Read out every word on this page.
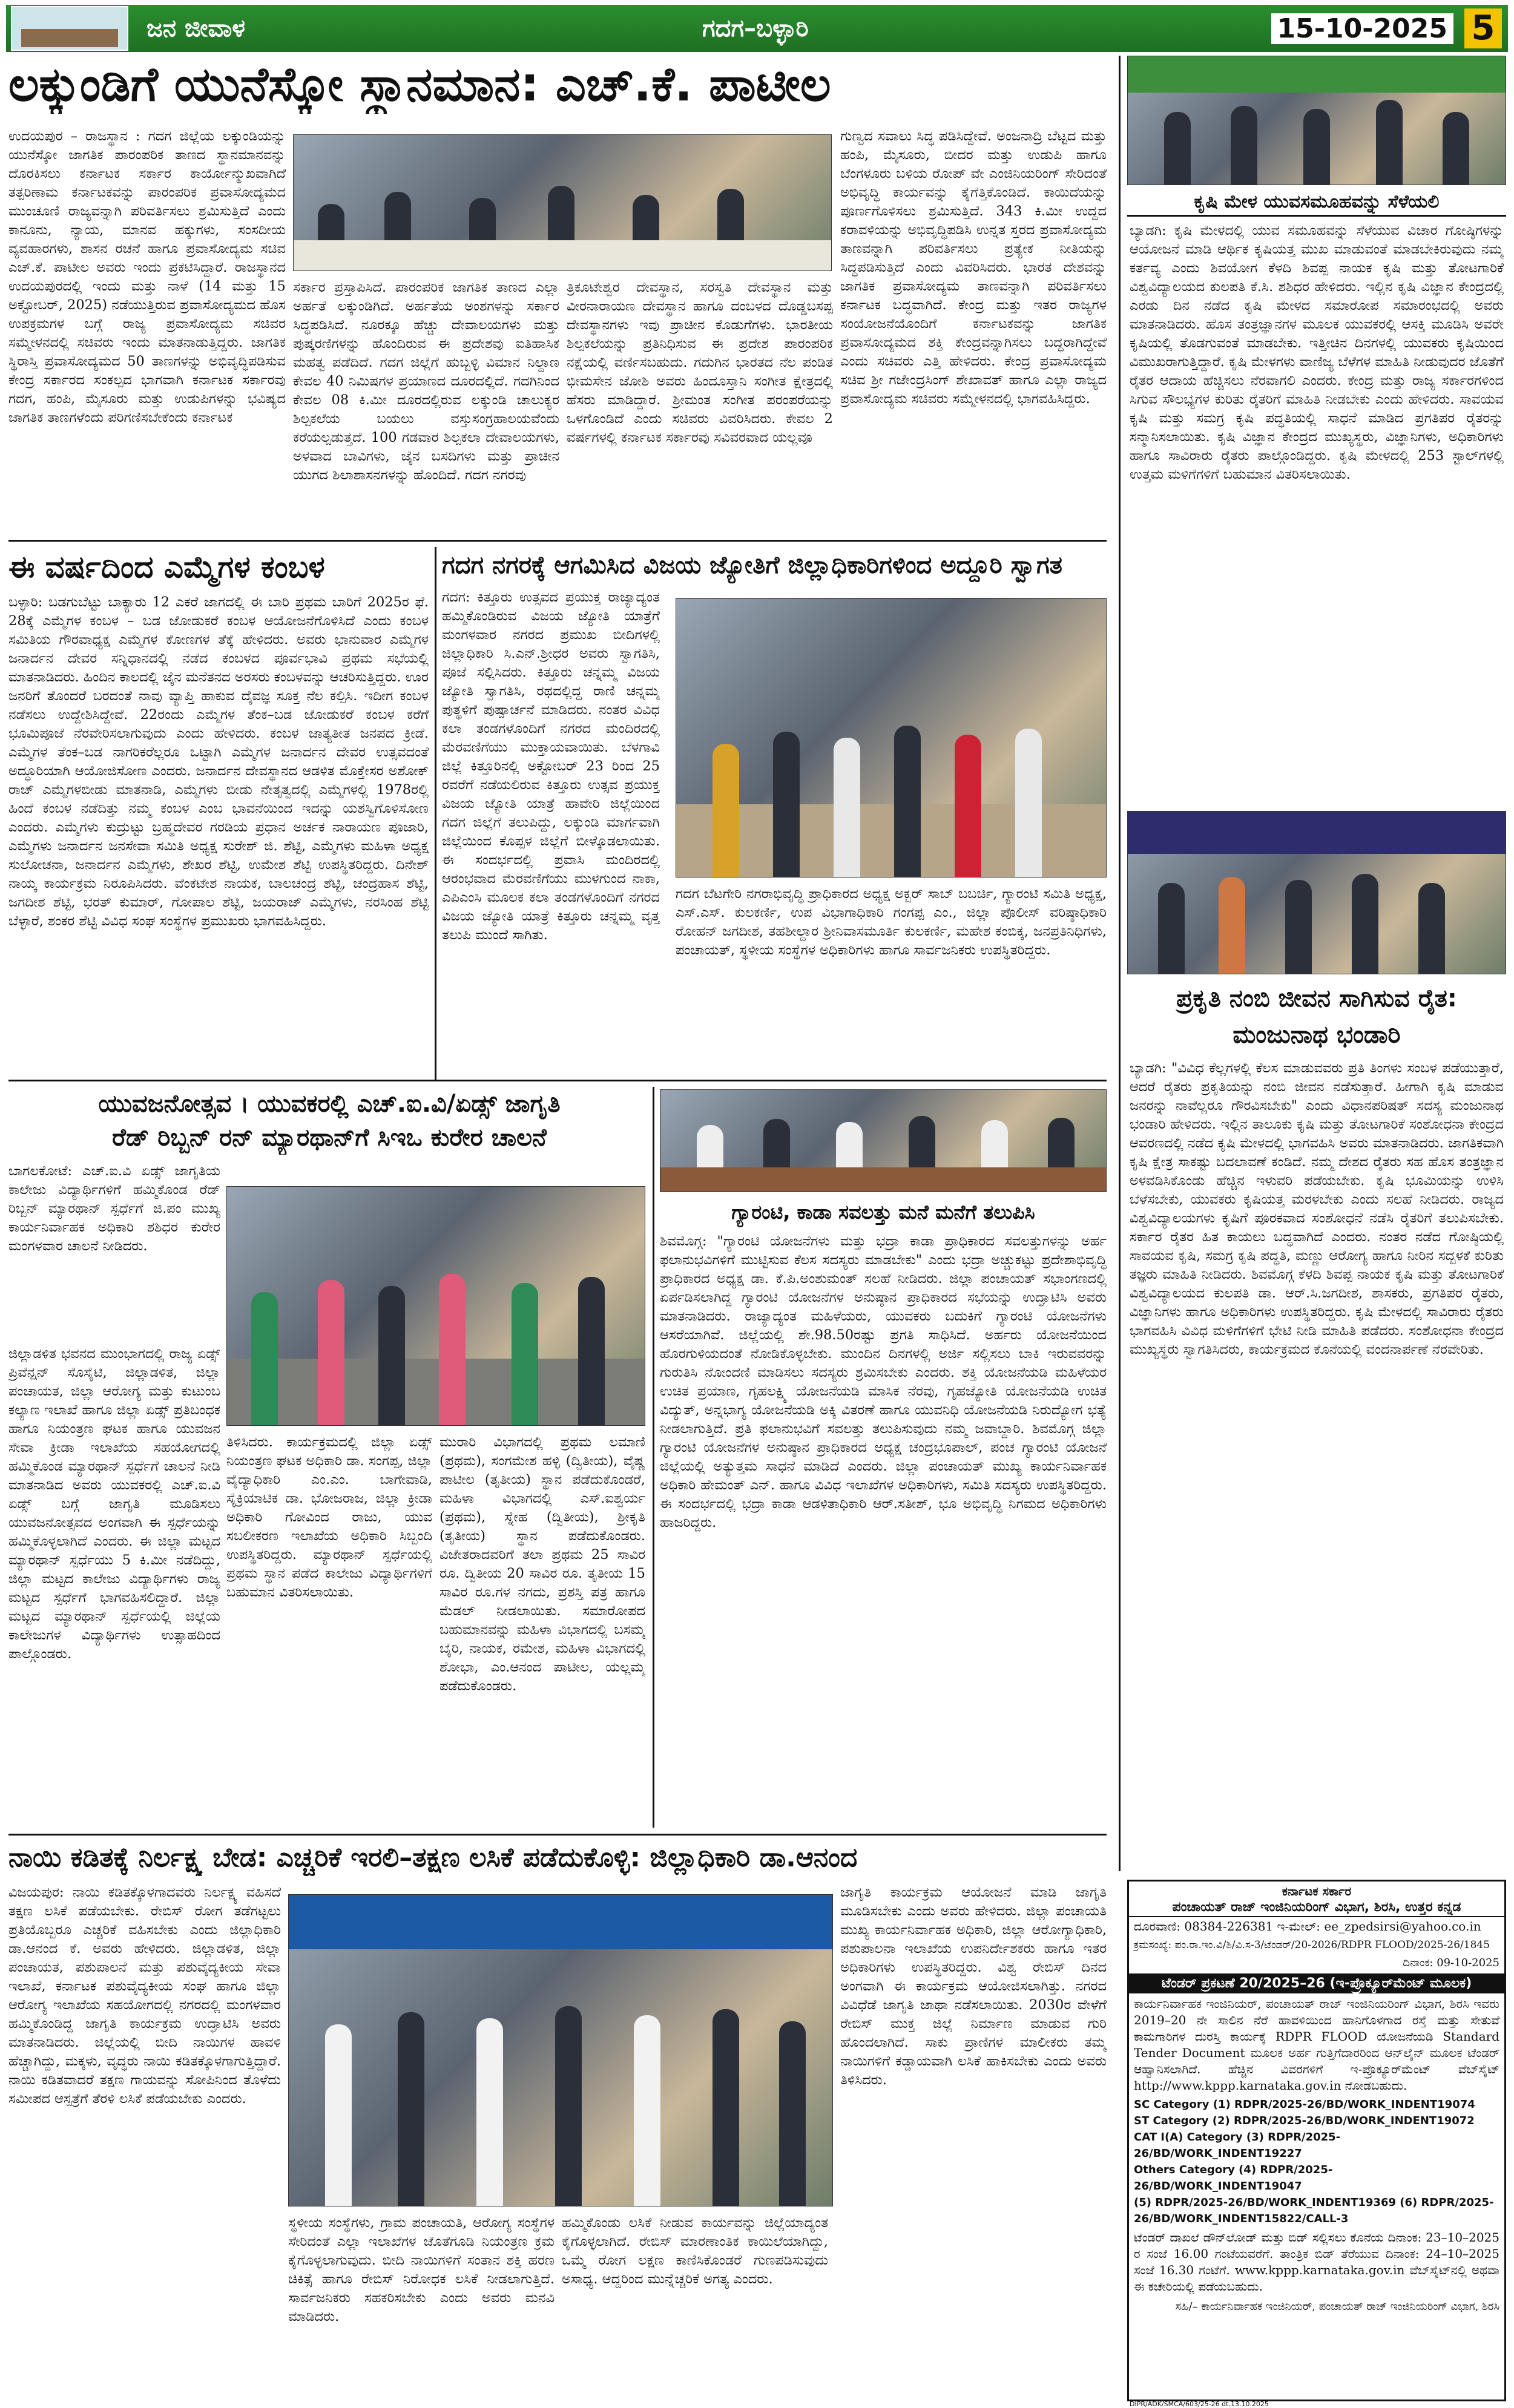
ಜನ ಜೀವಾಳ	ಗದಗ–ಬಳ್ಳಾರಿ	15-10-2025 5
ಲಕ್ಕುಂಡಿಗೆ ಯುನೆಸ್ಕೋ ಸ್ಥಾನಮಾನ: ಎಚ್.ಕೆ. ಪಾಟೀಲ
ಉದಯಪುರ – ರಾಜಸ್ಥಾನ : ಗದಗ ಜಿಲ್ಲೆಯ ಲಕ್ಕುಂಡಿಯನ್ನು ಯುನೆಸ್ಕೋ ಜಾಗತಿಕ ಪಾರಂಪರಿಕ ತಾಣದ ಸ್ಥಾನಮಾನವನ್ನು ದೊರಕಿಸಲು ಕರ್ನಾಟಕ ಸರ್ಕಾರ ಕಾರ್ಯೋನ್ಮುಖವಾಗಿದೆ ತತ್ಪರಿಣಾಮ ಕರ್ನಾಟಕವನ್ನು ಪಾರಂಪರಿಕ ಪ್ರವಾಸೋದ್ಯಮದ ಮುಂಚೂಣಿ ರಾಜ್ಯವನ್ನಾಗಿ ಪರಿವರ್ತಿಸಲು ಶ್ರಮಿಸುತ್ತಿದೆ ಎಂದು ಕಾನೂನು, ನ್ಯಾಯ, ಮಾನವ ಹಕ್ಕುಗಳು, ಸಂಸದೀಯ ವ್ಯವಹಾರಗಳು, ಶಾಸನ ರಚನೆ ಹಾಗೂ ಪ್ರವಾಸೋದ್ಯಮ ಸಚಿವ ಎಚ್.ಕೆ. ಪಾಟೀಲ ಅವರು ಇಂದು ಪ್ರಕಟಿಸಿದ್ದಾರೆ. ರಾಜಸ್ಥಾನದ ಉದಯಪುರದಲ್ಲಿ ಇಂದು ಮತ್ತು ನಾಳೆ (14 ಮತ್ತು 15 ಅಕ್ಟೋಬರ್, 2025) ನಡೆಯುತ್ತಿರುವ ಪ್ರವಾಸೋದ್ಯಮದ ಹೊಸ ಉಪಕ್ರಮಗಳ ಬಗ್ಗೆ ರಾಜ್ಯ ಪ್ರವಾಸೋದ್ಯಮ ಸಚಿವರ ಸಮ್ಮೇಳನದಲ್ಲಿ ಸಚಿವರು ಇಂದು ಮಾತನಾಡುತ್ತಿದ್ದರು. ಜಾಗತಿಕ ಸ್ಥಿರಾಸ್ತಿ ಪ್ರವಾಸೋದ್ಯಮದ 50 ತಾಣಗಳನ್ನು ಅಭಿವೃದ್ಧಿಪಡಿಸುವ ಕೇಂದ್ರ ಸರ್ಕಾರದ ಸಂಕಲ್ಪದ ಭಾಗವಾಗಿ ಕರ್ನಾಟಕ ಸರ್ಕಾರವು ಗದಗ, ಹಂಪಿ, ಮೈಸೂರು ಮತ್ತು ಉಡುಪಿಗಳನ್ನು ಭವಿಷ್ಯದ ಜಾಗತಿಕ ತಾಣಗಳೆಂದು ಪರಿಗಣಿಸಬೇಕೆಂದು ಕರ್ನಾಟಕ
ಸರ್ಕಾರ ಪ್ರಸ್ತಾಪಿಸಿದೆ. ಪಾರಂಪರಿಕ ಜಾಗತಿಕ ತಾಣದ ಎಲ್ಲಾ ಅರ್ಹತೆ ಲಕ್ಕುಂಡಿಗಿದೆ. ಅರ್ಹತೆಯ ಅಂಶಗಳನ್ನು ಸರ್ಕಾರ ಸಿದ್ಧಪಡಿಸಿದೆ. ನೂರಕ್ಕೂ ಹೆಚ್ಚು ದೇವಾಲಯಗಳು ಮತ್ತು ಪುಷ್ಕರಣಿಗಳನ್ನು ಹೊಂದಿರುವ ಈ ಪ್ರದೇಶವು ಐತಿಹಾಸಿಕ ಮಹತ್ವ ಪಡೆದಿದೆ. ಗದಗ ಜಿಲ್ಲೆಗೆ ಹುಬ್ಬಳ್ಳಿ ವಿಮಾನ ನಿಲ್ದಾಣ ಕೇವಲ 40 ನಿಮಿಷಗಳ ಪ್ರಯಾಣದ ದೂರದಲ್ಲಿದೆ. ಗದಗಿನಿಂದ ಕೇವಲ 08 ಕಿ.ಮೀ ದೂರದಲ್ಲಿರುವ ಲಕ್ಕುಂಡಿ ಚಾಲುಕ್ಯರ ಶಿಲ್ಪಕಲೆಯ ಬಯಲು ವಸ್ತುಸಂಗ್ರಹಾಲಯವೆಂದು ಕರೆಯಲ್ಪಡುತ್ತದೆ. 100 ಗಡವಾರ ಶಿಲ್ಪಕಲಾ ದೇವಾಲಯಗಳು, ಅಳವಾದ ಬಾವಿಗಳು, ಜೈನ ಬಸದಿಗಳು ಮತ್ತು ಪ್ರಾಚೀನ ಯುಗದ ಶಿಲಾಶಾಸನಗಳನ್ನು ಹೊಂದಿದೆ. ಗದಗ ನಗರವು
ತ್ರಿಕೂಟೇಶ್ವರ ದೇವಸ್ಥಾನ, ಸರಸ್ವತಿ ದೇವಸ್ಥಾನ ಮತ್ತು ವೀರನಾರಾಯಣ ದೇವಸ್ಥಾನ ಹಾಗೂ ದಂಬಳದ ದೊಡ್ಡಬಸಪ್ಪ ದೇವಸ್ಥಾನಗಳು ಇವು ಪ್ರಾಚೀನ ಕೊಡುಗೆಗಳು. ಭಾರತೀಯ ಶಿಲ್ಪಕಲೆಯನ್ನು ಪ್ರತಿನಿಧಿಸುವ ಈ ಪ್ರದೇಶ ಪಾರಂಪರಿಕ ನಕ್ಷೆಯಲ್ಲಿ ವರ್ಣಿಸಬಹುದು. ಗದುಗಿನ ಭಾರತದ ನೆಲ ಪಂಡಿತ ಭೀಮಸೇನ ಜೋಶಿ ಅವರು ಹಿಂದೂಸ್ತಾನಿ ಸಂಗೀತ ಕ್ಷೇತ್ರದಲ್ಲಿ ಹೆಸರು ಮಾಡಿದ್ದಾರೆ. ಶ್ರೀಮಂತ ಸಂಗೀತ ಪರಂಪರೆಯನ್ನು ಒಳಗೊಂಡಿದೆ ಎಂದು ಸಚಿವರು ವಿವರಿಸಿದರು. ಕೇವಲ 2 ವರ್ಷಗಳಲ್ಲಿ ಕರ್ನಾಟಕ ಸರ್ಕಾರವು ಸವಿವರವಾದ ಯಲ್ಲವೂ
ಗುಣ್ವದ ಸವಾಲು ಸಿದ್ಧ ಪಡಿಸಿದ್ದೇವೆ. ಅಂಜನಾದ್ರಿ ಬೆಟ್ಟದ ಮತ್ತು ಹಂಪಿ, ಮೈಸೂರು, ಬೀದರ ಮತ್ತು ಉಡುಪಿ ಹಾಗೂ ಬೆಂಗಳೂರು ಬಳಿಯ ರೋಪ್ ವೇ ಎಂಜಿನಿಯರಿಂಗ್ ಸೇರಿದಂತೆ ಅಭಿವೃದ್ಧಿ ಕಾರ್ಯವನ್ನು ಕೈಗೆತ್ತಿಕೊಂಡಿದೆ. ಕಾಯಿದೆಯನ್ನು ಪೂರ್ಣಗೊಳಿಸಲು ಶ್ರಮಿಸುತ್ತಿದೆ. 343 ಕಿ.ಮೀ ಉದ್ದದ ಕರಾವಳಿಯನ್ನು ಅಭಿವೃದ್ಧಿಪಡಿಸಿ ಉನ್ನತ ಸ್ತರದ ಪ್ರವಾಸೋದ್ಯಮ ತಾಣವನ್ನಾಗಿ ಪರಿವರ್ತಿಸಲು ಪ್ರತ್ಯೇಕ ನೀತಿಯನ್ನು ಸಿದ್ಧಪಡಿಸುತ್ತಿದೆ ಎಂದು ವಿವರಿಸಿದರು. ಭಾರತ ದೇಶವನ್ನು ಜಾಗತಿಕ ಪ್ರವಾಸೋದ್ಯಮ ತಾಣವನ್ನಾಗಿ ಪರಿವರ್ತಿಸಲು ಕರ್ನಾಟಕ ಬದ್ಧವಾಗಿದೆ. ಕೇಂದ್ರ ಮತ್ತು ಇತರ ರಾಜ್ಯಗಳ ಸಂಯೋಜನೆಯೊಂದಿಗೆ ಕರ್ನಾಟಕವನ್ನು ಜಾಗತಿಕ ಪ್ರವಾಸೋದ್ಯಮದ ಶಕ್ತಿ ಕೇಂದ್ರವನ್ನಾಗಿಸಲು ಬದ್ಧರಾಗಿದ್ದೇವೆ ಎಂದು ಸಚಿವರು ಎತ್ತಿ ಹೇಳಿದರು. ಕೇಂದ್ರ ಪ್ರವಾಸೋದ್ಯಮ ಸಚಿವ ಶ್ರೀ ಗಜೇಂದ್ರಸಿಂಗ್ ಶೇಖಾವತ್ ಹಾಗೂ ಎಲ್ಲಾ ರಾಜ್ಯದ ಪ್ರವಾಸೋದ್ಯಮ ಸಚಿವರು ಸಮ್ಮೇಳನದಲ್ಲಿ ಭಾಗವಹಿಸಿದ್ದರು.
ಕೃಷಿ ಮೇಳ ಯುವಸಮೂಹವನ್ನು ಸೆಳೆಯಲಿ
ಬ್ಯಾಡಗಿ: ಕೃಷಿ ಮೇಳದಲ್ಲಿ ಯುವ ಸಮೂಹವನ್ನು ಸೆಳೆಯುವ ವಿಚಾರ ಗೋಷ್ಠಿಗಳನ್ನು ಆಯೋಜನೆ ಮಾಡಿ ಆರ್ಥಿಕ ಕೃಷಿಯತ್ತ ಮುಖ ಮಾಡುವಂತೆ ಮಾಡಬೇಕಿರುವುದು ನಮ್ಮ ಕರ್ತವ್ಯ ಎಂದು ಶಿವಯೋಗ ಕೆಳದಿ ಶಿವಪ್ಪ ನಾಯಕ ಕೃಷಿ ಮತ್ತು ತೋಟಗಾರಿಕೆ ವಿಶ್ವವಿದ್ಯಾಲಯದ ಕುಲಪತಿ ಕೆ.ಸಿ. ಶಶಿಧರ ಹೇಳಿದರು. ಇಲ್ಲಿನ ಕೃಷಿ ವಿಜ್ಞಾನ ಕೇಂದ್ರದಲ್ಲಿ ಎರಡು ದಿನ ನಡೆದ ಕೃಷಿ ಮೇಳದ ಸಮಾರೋಪ ಸಮಾರಂಭದಲ್ಲಿ ಅವರು ಮಾತನಾಡಿದರು. ಹೊಸ ತಂತ್ರಜ್ಞಾನಗಳ ಮೂಲಕ ಯುವಕರಲ್ಲಿ ಆಸಕ್ತಿ ಮೂಡಿಸಿ ಅವರೇ ಕೃಷಿಯಲ್ಲಿ ತೊಡಗುವಂತೆ ಮಾಡಬೇಕು. ಇತ್ತೀಚಿನ ದಿನಗಳಲ್ಲಿ ಯುವಕರು ಕೃಷಿಯಿಂದ ವಿಮುಖರಾಗುತ್ತಿದ್ದಾರೆ. ಕೃಷಿ ಮೇಳಗಳು ವಾಣಿಜ್ಯ ಬೆಳೆಗಳ ಮಾಹಿತಿ ನೀಡುವುದರ ಜೊತೆಗೆ ರೈತರ ಆದಾಯ ಹೆಚ್ಚಿಸಲು ನೆರವಾಗಲಿ ಎಂದರು. ಕೇಂದ್ರ ಮತ್ತು ರಾಜ್ಯ ಸರ್ಕಾರಗಳಿಂದ ಸಿಗುವ ಸೌಲಭ್ಯಗಳ ಕುರಿತು ರೈತರಿಗೆ ಮಾಹಿತಿ ನೀಡಬೇಕು ಎಂದು ಹೇಳಿದರು. ಸಾವಯವ ಕೃಷಿ ಮತ್ತು ಸಮಗ್ರ ಕೃಷಿ ಪದ್ಧತಿಯಲ್ಲಿ ಸಾಧನೆ ಮಾಡಿದ ಪ್ರಗತಿಪರ ರೈತರನ್ನು ಸನ್ಮಾನಿಸಲಾಯಿತು. ಕೃಷಿ ವಿಜ್ಞಾನ ಕೇಂದ್ರದ ಮುಖ್ಯಸ್ಥರು, ವಿಜ್ಞಾನಿಗಳು, ಅಧಿಕಾರಿಗಳು ಹಾಗೂ ಸಾವಿರಾರು ರೈತರು ಪಾಲ್ಗೊಂಡಿದ್ದರು. ಕೃಷಿ ಮೇಳದಲ್ಲಿ 253 ಸ್ಟಾಲ್‌ಗಳಲ್ಲಿ ಉತ್ತಮ ಮಳಿಗೆಗಳಿಗೆ ಬಹುಮಾನ ವಿತರಿಸಲಾಯಿತು.
ಈ ವರ್ಷದಿಂದ ಎಮ್ಮೆಗಳ ಕಂಬಳ
ಬಳ್ಳಾರಿ: ಬಡಗುಬೆಟ್ಟು ಬಾಕ್ಯಾರು 12 ಎಕರೆ ಜಾಗದಲ್ಲಿ ಈ ಬಾರಿ ಪ್ರಥಮ ಬಾರಿಗೆ 2025ರ ಫೆ. 28ಕ್ಕೆ ಎಮ್ಮೆಗಳ ಕಂಬಳ – ಬಡ ಜೋಡುಕರೆ ಕಂಬಳ ಆಯೋಜನೆಗೊಳಿಸಿದೆ ಎಂದು ಕಂಬಳ ಸಮಿತಿಯ ಗೌರವಾಧ್ಯಕ್ಷ ಎಮ್ಮೆಗಳ ಕೋಣಗಳ ತೆಕ್ಕೆ ಹೇಳಿದರು. ಅವರು ಭಾನುವಾರ ಎಮ್ಮೆಗಳ ಜನಾರ್ದನ ದೇವರ ಸನ್ನಿಧಾನದಲ್ಲಿ ನಡೆದ ಕಂಬಳದ ಪೂರ್ವಭಾವಿ ಪ್ರಥಮ ಸಭೆಯಲ್ಲಿ ಮಾತನಾಡಿದರು. ಹಿಂದಿನ ಕಾಲದಲ್ಲಿ ಜೈನ ಮನೆತನದ ಅರಸರು ಕಂಬಳವನ್ನು ಆಚರಿಸುತ್ತಿದ್ದರು. ಊರ ಜನರಿಗೆ ತೊಂದರೆ ಬರದಂತೆ ನಾವು ವ್ಯಾಪ್ತಿ ಹಾಕುವ ದೈವಜ್ಞ ಸೂಕ್ತ ನೆಲ ಕಲ್ಪಿಸಿ. ಇದೀಗ ಕಂಬಳ ನಡೆಸಲು ಉದ್ದೇಶಿಸಿದ್ದೇವೆ. 22ರಂದು ಎಮ್ಮೆಗಳ ತೆಂಕ–ಬಡ ಜೋಡುಕರೆ ಕಂಬಳ ಕರೆಗೆ ಭೂಮಿಪೂಜೆ ನೆರವೇರಿಸಲಾಗುವುದು ಎಂದು ಹೇಳಿದರು. ಕಂಬಳ ಜಾತ್ಯತೀತ ಜನಪದ ಕ್ರೀಡೆ. ಎಮ್ಮೆಗಳ ತೆಂಕ–ಬಡ ನಾಗರಿಕರೆಲ್ಲರೂ ಒಟ್ಟಾಗಿ ಎಮ್ಮೆಗಳ ಜನಾರ್ದನ ದೇವರ ಉತ್ಸವದಂತೆ ಅದ್ಧೂರಿಯಾಗಿ ಆಯೋಜಿಸೋಣ ಎಂದರು. ಜನಾರ್ದನ ದೇವಸ್ಥಾನದ ಆಡಳಿತ ಮೊಕ್ತೇಸರ ಅಶೋಕ್ ರಾಜ್ ಎಮ್ಮೆಗಳಬೀಡು ಮಾತನಾಡಿ, ಎಮ್ಮೆಗಳು ಬೀಡು ನೇತೃತ್ವದಲ್ಲಿ ಎಮ್ಮೆಗಳಲ್ಲಿ 1978ರಲ್ಲಿ ಹಿಂದೆ ಕಂಬಳ ನಡೆದಿತ್ತು ನಮ್ಮ ಕಂಬಳ ಎಂಬ ಭಾವನೆಯಿಂದ ಇದನ್ನು ಯಶಸ್ವಿಗೊಳಿಸೋಣ ಎಂದರು. ಎಮ್ಮೆಗಳು ಕುದ್ರುಟ್ಟು ಬ್ರಹ್ಮದೇವರ ಗರಡಿಯ ಪ್ರಧಾನ ಅರ್ಚಕ ನಾರಾಯಣ ಪೂಜಾರಿ, ಎಮ್ಮೆಗಳು ಜನಾರ್ದನ ಜನಸೇವಾ ಸಮಿತಿ ಅಧ್ಯಕ್ಷ ಸುರೇಶ್ ಜಿ. ಶೆಟ್ಟಿ, ಎಮ್ಮೆಗಳು ಮಹಿಳಾ ಅಧ್ಯಕ್ಷ ಸುಲೋಚನಾ, ಜನಾರ್ದನ ಎಮ್ಮೆಗಳು, ಶೇಖರ ಶೆಟ್ಟಿ, ಉಮೇಶ ಶೆಟ್ಟಿ ಉಪಸ್ಥಿತರಿದ್ದರು. ದಿನೇಶ್ ನಾಯ್ಕ ಕಾರ್ಯಕ್ರಮ ನಿರೂಪಿಸಿದರು. ವೆಂಕಟೇಶ ನಾಯಕ, ಬಾಲಚಂದ್ರ ಶೆಟ್ಟಿ, ಚಂದ್ರಹಾಸ ಶೆಟ್ಟಿ, ಜಗದೀಶ ಶೆಟ್ಟಿ, ಭರತ್ ಕುಮಾರ್, ಗೋಪಾಲ ಶೆಟ್ಟಿ, ಜಯರಾಜ್ ಎಮ್ಮೆಗಳು, ನರಸಿಂಹ ಶೆಟ್ಟಿ ಬೆಳ್ಳಾರೆ, ಶಂಕರ ಶೆಟ್ಟಿ ವಿವಿಧ ಸಂಘ ಸಂಸ್ಥೆಗಳ ಪ್ರಮುಖರು ಭಾಗವಹಿಸಿದ್ದರು.
ಗದಗ ನಗರಕ್ಕೆ ಆಗಮಿಸಿದ ವಿಜಯ ಜ್ಯೋತಿಗೆ ಜಿಲ್ಲಾಧಿಕಾರಿಗಳಿಂದ ಅದ್ದೂರಿ ಸ್ವಾಗತ
ಗದಗ: ಕಿತ್ತೂರು ಉತ್ಸವದ ಪ್ರಯುಕ್ತ ರಾಜ್ಯಾದ್ಯಂತ ಹಮ್ಮಿಕೊಂಡಿರುವ ವಿಜಯ ಜ್ಯೋತಿ ಯಾತ್ರೆಗೆ ಮಂಗಳವಾರ ನಗರದ ಪ್ರಮುಖ ಬೀದಿಗಳಲ್ಲಿ ಜಿಲ್ಲಾಧಿಕಾರಿ ಸಿ.ಎನ್.ಶ್ರೀಧರ ಅವರು ಸ್ವಾಗತಿಸಿ, ಪೂಜೆ ಸಲ್ಲಿಸಿದರು. ಕಿತ್ತೂರು ಚನ್ನಮ್ಮ ವಿಜಯ ಜ್ಯೋತಿ ಸ್ವಾಗತಿಸಿ, ರಥದಲ್ಲಿದ್ದ ರಾಣಿ ಚನ್ನಮ್ಮ ಪುತ್ಥಳಿಗೆ ಪುಷ್ಪಾರ್ಚನೆ ಮಾಡಿದರು. ನಂತರ ವಿವಿಧ ಕಲಾ ತಂಡಗಳೊಂದಿಗೆ ನಗರದ ಮಂದಿರದಲ್ಲಿ ಮೆರವಣಿಗೆಯು ಮುಕ್ತಾಯವಾಯಿತು. ಬೆಳಗಾವಿ ಜಿಲ್ಲೆ ಕಿತ್ತೂರಿನಲ್ಲಿ ಅಕ್ಟೋಬರ್ 23 ರಿಂದ 25 ರವರೆಗೆ ನಡೆಯಲಿರುವ ಕಿತ್ತೂರು ಉತ್ಸವ ಪ್ರಯುಕ್ತ ವಿಜಯ ಜ್ಯೋತಿ ಯಾತ್ರೆ ಹಾವೇರಿ ಜಿಲ್ಲೆಯಿಂದ ಗದಗ ಜಿಲ್ಲೆಗೆ ತಲುಪಿದ್ದು, ಲಕ್ಕುಂಡಿ ಮಾರ್ಗವಾಗಿ ಜಿಲ್ಲೆಯಿಂದ ಕೊಪ್ಪಳ ಜಿಲ್ಲೆಗೆ ಬೀಳ್ಕೊಡಲಾಯಿತು. ಈ ಸಂದರ್ಭದಲ್ಲಿ ಪ್ರವಾಸಿ ಮಂದಿರದಲ್ಲಿ ಆರಂಭವಾದ ಮೆರವಣಿಗೆಯು ಮುಳಗುಂದ ನಾಕಾ, ಎಪಿಎಂಸಿ ಮೂಲಕ ಕಲಾ ತಂಡಗಳೊಂದಿಗೆ ನಗರದ ವಿಜಯ ಜ್ಯೋತಿ ಯಾತ್ರೆ ಕಿತ್ತೂರು ಚನ್ನಮ್ಮ ವೃತ್ತ ತಲುಪಿ ಮುಂದೆ ಸಾಗಿತು.
ಗದಗ ಬೆಟಗೇರಿ ನಗರಾಭಿವೃದ್ಧಿ ಪ್ರಾಧಿಕಾರದ ಅಧ್ಯಕ್ಷ ಅಕ್ಬರ್ ಸಾಬ್ ಬಬರ್ಚಿ, ಗ್ಯಾರಂಟಿ ಸಮಿತಿ ಅಧ್ಯಕ್ಷ, ಎಸ್.ಎಸ್. ಕುಲಕರ್ಣಿ, ಉಪ ವಿಭಾಗಾಧಿಕಾರಿ ಗಂಗಪ್ಪ ಎಂ., ಜಿಲ್ಲಾ ಪೊಲೀಸ್ ವರಿಷ್ಠಾಧಿಕಾರಿ ರೋಹನ್ ಜಗದೀಶ, ತಹಶೀಲ್ದಾರ ಶ್ರೀನಿವಾಸಮೂರ್ತಿ ಕುಲಕರ್ಣಿ, ಮಹೇಶ ಕಂಬಿಕ್ಕ, ಜನಪ್ರತಿನಿಧಿಗಳು, ಪಂಚಾಯತ್, ಸ್ಥಳೀಯ ಸಂಸ್ಥೆಗಳ ಅಧಿಕಾರಿಗಳು ಹಾಗೂ ಸಾರ್ವಜನಿಕರು ಉಪಸ್ಥಿತರಿದ್ದರು.
ಪ್ರಕೃತಿ ನಂಬಿ ಜೀವನ ಸಾಗಿಸುವ ರೈತ:
ಮಂಜುನಾಥ ಭಂಡಾರಿ
ಬ್ಯಾಡಗಿ: "ವಿವಿಧ ಕೆಲ್ಲಗಳಲ್ಲಿ ಕೆಲಸ ಮಾಡುವವರು ಪ್ರತಿ ತಿಂಗಳು ಸಂಬಳ ಪಡೆಯುತ್ತಾರೆ, ಆದರೆ ರೈತರು ಪ್ರಕೃತಿಯನ್ನು ನಂಬಿ ಜೀವನ ನಡೆಸುತ್ತಾರೆ. ಹೀಗಾಗಿ ಕೃಷಿ ಮಾಡುವ ಜನರನ್ನು ನಾವೆಲ್ಲರೂ ಗೌರವಿಸಬೇಕು" ಎಂದು ವಿಧಾನಪರಿಷತ್ ಸದಸ್ಯ ಮಂಜುನಾಥ ಭಂಡಾರಿ ಹೇಳಿದರು. ಇಲ್ಲಿನ ತಾಲೂಕು ಕೃಷಿ ಮತ್ತು ತೋಟಗಾರಿಕೆ ಸಂಶೋಧನಾ ಕೇಂದ್ರದ ಆವರಣದಲ್ಲಿ ನಡೆದ ಕೃಷಿ ಮೇಳದಲ್ಲಿ ಭಾಗವಹಿಸಿ ಅವರು ಮಾತನಾಡಿದರು. ಜಾಗತಿಕವಾಗಿ ಕೃಷಿ ಕ್ಷೇತ್ರ ಸಾಕಷ್ಟು ಬದಲಾವಣೆ ಕಂಡಿದೆ. ನಮ್ಮ ದೇಶದ ರೈತರು ಸಹ ಹೊಸ ತಂತ್ರಜ್ಞಾನ ಅಳವಡಿಸಿಕೊಂಡು ಹೆಚ್ಚಿನ ಇಳುವರಿ ಪಡೆಯಬೇಕು. ಕೃಷಿ ಭೂಮಿಯನ್ನು ಉಳಿಸಿ ಬೆಳೆಸಬೇಕು, ಯುವಕರು ಕೃಷಿಯತ್ತ ಮರಳಬೇಕು ಎಂದು ಸಲಹೆ ನೀಡಿದರು. ರಾಜ್ಯದ ವಿಶ್ವವಿದ್ಯಾಲಯಗಳು ಕೃಷಿಗೆ ಪೂರಕವಾದ ಸಂಶೋಧನೆ ನಡೆಸಿ ರೈತರಿಗೆ ತಲುಪಿಸಬೇಕು. ಸರ್ಕಾರ ರೈತರ ಹಿತ ಕಾಯಲು ಬದ್ಧವಾಗಿದೆ ಎಂದರು. ನಂತರ ನಡೆದ ಗೋಷ್ಠಿಯಲ್ಲಿ ಸಾವಯವ ಕೃಷಿ, ಸಮಗ್ರ ಕೃಷಿ ಪದ್ಧತಿ, ಮಣ್ಣು ಆರೋಗ್ಯ ಹಾಗೂ ನೀರಿನ ಸದ್ಬಳಕೆ ಕುರಿತು ತಜ್ಞರು ಮಾಹಿತಿ ನೀಡಿದರು. ಶಿವಮೊಗ್ಗ ಕೆಳದಿ ಶಿವಪ್ಪ ನಾಯಕ ಕೃಷಿ ಮತ್ತು ತೋಟಗಾರಿಕೆ ವಿಶ್ವವಿದ್ಯಾಲಯದ ಕುಲಪತಿ ಡಾ. ಆರ್.ಸಿ.ಜಗದೀಶ, ಶಾಸಕರು, ಪ್ರಗತಿಪರ ರೈತರು, ವಿಜ್ಞಾನಿಗಳು ಹಾಗೂ ಅಧಿಕಾರಿಗಳು ಉಪಸ್ಥಿತರಿದ್ದರು. ಕೃಷಿ ಮೇಳದಲ್ಲಿ ಸಾವಿರಾರು ರೈತರು ಭಾಗವಹಿಸಿ ವಿವಿಧ ಮಳಿಗೆಗಳಿಗೆ ಭೇಟಿ ನೀಡಿ ಮಾಹಿತಿ ಪಡೆದರು. ಸಂಶೋಧನಾ ಕೇಂದ್ರದ ಮುಖ್ಯಸ್ಥರು ಸ್ವಾಗತಿಸಿದರು, ಕಾರ್ಯಕ್ರಮದ ಕೊನೆಯಲ್ಲಿ ವಂದನಾರ್ಪಣೆ ನೆರವೇರಿತು.
ಯುವಜನೋತ್ಸವ । ಯುವಕರಲ್ಲಿ ಎಚ್.ಐ.ವಿ/ಏಡ್ಸ್ ಜಾಗೃತಿ
ರೆಡ್ ರಿಬ್ಬನ್ ರನ್ ಮ್ಯಾರಥಾನ್‌ಗೆ ಸಿಇಒ ಕುರೇರ ಚಾಲನೆ
ಬಾಗಲಕೋಟೆ: ಎಚ್.ಐ.ವಿ ಏಡ್ಸ್ ಜಾಗೃತಿಯ ಕಾಲೇಜು ವಿದ್ಯಾರ್ಥಿಗಳಿಗೆ ಹಮ್ಮಿಕೊಂಡ ರೆಡ್ ರಿಬ್ಬನ್ ಮ್ಯಾರಥಾನ್ ಸ್ಪರ್ಧೆಗೆ ಜಿ.ಪಂ ಮುಖ್ಯ ಕಾರ್ಯನಿರ್ವಾಹಕ ಅಧಿಕಾರಿ ಶಶಿಧರ ಕುರೇರ ಮಂಗಳವಾರ ಚಾಲನೆ ನೀಡಿದರು.
ಜಿಲ್ಲಾಡಳಿತ ಭವನದ ಮುಂಭಾಗದಲ್ಲಿ ರಾಜ್ಯ ಏಡ್ಸ್ ಪ್ರಿವೆನ್ಷನ್ ಸೊಸೈಟಿ, ಜಿಲ್ಲಾಡಳಿತ, ಜಿಲ್ಲಾ ಪಂಚಾಯತ, ಜಿಲ್ಲಾ ಆರೋಗ್ಯ ಮತ್ತು ಕುಟುಂಬ ಕಲ್ಯಾಣ ಇಲಾಖೆ ಹಾಗೂ ಜಿಲ್ಲಾ ಏಡ್ಸ್ ಪ್ರತಿಬಂಧಕ ಹಾಗೂ ನಿಯಂತ್ರಣ ಘಟಕ ಹಾಗೂ ಯುವಜನ ಸೇವಾ ಕ್ರೀಡಾ ಇಲಾಖೆಯ ಸಹಯೋಗದಲ್ಲಿ ಹಮ್ಮಿಕೊಂಡ ಮ್ಯಾರಥಾನ್ ಸ್ಪರ್ಧೆಗೆ ಚಾಲನೆ ನೀಡಿ ಮಾತನಾಡಿದ ಅವರು ಯುವಕರಲ್ಲಿ ಎಚ್.ಐ.ವಿ ಏಡ್ಸ್ ಬಗ್ಗೆ ಜಾಗೃತಿ ಮೂಡಿಸಲು ಯುವಜನೋತ್ಸವದ ಅಂಗವಾಗಿ ಈ ಸ್ಪರ್ಧೆಯನ್ನು ಹಮ್ಮಿಕೊಳ್ಳಲಾಗಿದೆ ಎಂದರು. ಈ ಜಿಲ್ಲಾ ಮಟ್ಟದ ಮ್ಯಾರಥಾನ್ ಸ್ಪರ್ಧೆಯು 5 ಕಿ.ಮೀ ನಡೆದಿದ್ದು, ಜಿಲ್ಲಾ ಮಟ್ಟದ ಕಾಲೇಜು ವಿದ್ಯಾರ್ಥಿಗಳು ರಾಜ್ಯ ಮಟ್ಟದ ಸ್ಪರ್ಧೆಗೆ ಭಾಗವಹಿಸಲಿದ್ದಾರೆ. ಜಿಲ್ಲಾ ಮಟ್ಟದ ಮ್ಯಾರಥಾನ್ ಸ್ಪರ್ಧೆಯಲ್ಲಿ ಜಿಲ್ಲೆಯ ಕಾಲೇಜುಗಳ ವಿದ್ಯಾರ್ಥಿಗಳು ಉತ್ಸಾಹದಿಂದ ಪಾಲ್ಗೊಂಡರು.
ತಿಳಿಸಿದರು. ಕಾರ್ಯಕ್ರಮದಲ್ಲಿ ಜಿಲ್ಲಾ ಏಡ್ಸ್ ನಿಯಂತ್ರಣ ಘಟಕ ಅಧಿಕಾರಿ ಡಾ. ಸಂಗಪ್ಪ, ಜಿಲ್ಲಾ ವೈದ್ಯಾಧಿಕಾರಿ ಎಂ.ಎಂ. ಬಾಗೇವಾಡಿ, ಸೈಕ್ರಿಯಾಟಿಕ ಡಾ. ಭೋಜರಾಜ, ಜಿಲ್ಲಾ ಕ್ರೀಡಾ ಅಧಿಕಾರಿ ಗೋವಿಂದ ರಾಜು, ಯುವ ಸಬಲೀಕರಣ ಇಲಾಖೆಯ ಅಧಿಕಾರಿ ಸಿಬ್ಬಂದಿ ಉಪಸ್ಥಿತರಿದ್ದರು. ಮ್ಯಾರಥಾನ್ ಸ್ಪರ್ಧೆಯಲ್ಲಿ ಪ್ರಥಮ ಸ್ಥಾನ ಪಡೆದ ಕಾಲೇಜು ವಿದ್ಯಾರ್ಥಿಗಳಿಗೆ ಬಹುಮಾನ ವಿತರಿಸಲಾಯಿತು.
ಮುರಾರಿ ವಿಭಾಗದಲ್ಲಿ ಪ್ರಥಮ ಲಮಾಣಿ (ಪ್ರಥಮ), ಸಂಗಮೇಶ ಹಳ್ಳಿ (ದ್ವಿತೀಯ), ವೈಷ್ಣ ಪಾಟೀಲ (ತೃತೀಯ) ಸ್ಥಾನ ಪಡೆದುಕೊಂಡರೆ, ಮಹಿಳಾ ವಿಭಾಗದಲ್ಲಿ ಎಸ್.ಐಶ್ವರ್ಯ (ಪ್ರಥಮ), ಸ್ನೇಹ (ದ್ವಿತೀಯ), ಶ್ರೀಕೃತಿ (ತೃತೀಯ) ಸ್ಥಾನ ಪಡೆದುಕೊಂಡರು. ವಿಜೇತರಾದವರಿಗೆ ತಲಾ ಪ್ರಥಮ 25 ಸಾವಿರ ರೂ. ದ್ವಿತೀಯ 20 ಸಾವಿರ ರೂ. ತೃತೀಯ 15 ಸಾವಿರ ರೂ.ಗಳ ನಗದು, ಪ್ರಶಸ್ತಿ ಪತ್ರ ಹಾಗೂ ಮೆಡಲ್ ನೀಡಲಾಯಿತು. ಸಮಾರೋಪದ ಬಹುಮಾನವನ್ನು ಮಹಿಳಾ ವಿಭಾಗದಲ್ಲಿ ಬಸಮ್ಮ ಬೈರಿ, ನಾಯಕ, ರಮೇಶ, ಮಹಿಳಾ ವಿಭಾಗದಲ್ಲಿ ಶೋಭಾ, ಎಂ.ಆನಂದ ಪಾಟೀಲ, ಯಲ್ಲಮ್ಮ ಪಡೆದುಕೊಂಡರು.
ಗ್ಯಾರಂಟಿ, ಕಾಡಾ ಸವಲತ್ತು ಮನೆ ಮನೆಗೆ ತಲುಪಿಸಿ
ಶಿವಮೊಗ್ಗ: "ಗ್ಯಾರಂಟಿ ಯೋಜನೆಗಳು ಮತ್ತು ಭದ್ರಾ ಕಾಡಾ ಪ್ರಾಧಿಕಾರದ ಸವಲತ್ತುಗಳನ್ನು ಅರ್ಹ ಫಲಾನುಭವಿಗಳಿಗೆ ಮುಟ್ಟಿಸುವ ಕೆಲಸ ಸದಸ್ಯರು ಮಾಡಬೇಕು" ಎಂದು ಭದ್ರಾ ಅಚ್ಚುಕಟ್ಟು ಪ್ರದೇಶಾಭಿವೃದ್ಧಿ ಪ್ರಾಧಿಕಾರದ ಅಧ್ಯಕ್ಷ ಡಾ. ಕೆ.ಪಿ.ಅಂಶುಮಂತ್ ಸಲಹೆ ನೀಡಿದರು. ಜಿಲ್ಲಾ ಪಂಚಾಯತ್ ಸಭಾಂಗಣದಲ್ಲಿ ಏರ್ಪಡಿಸಲಾಗಿದ್ದ ಗ್ಯಾರಂಟಿ ಯೋಜನೆಗಳ ಅನುಷ್ಠಾನ ಪ್ರಾಧಿಕಾರದ ಸಭೆಯನ್ನು ಉದ್ಘಾಟಿಸಿ ಅವರು ಮಾತನಾಡಿದರು. ರಾಜ್ಯಾದ್ಯಂತ ಮಹಿಳೆಯರು, ಯುವಕರು ಬದುಕಿಗೆ ಗ್ಯಾರಂಟಿ ಯೋಜನೆಗಳು ಆಸರೆಯಾಗಿವೆ. ಜಿಲ್ಲೆಯಲ್ಲಿ ಶೇ.98.50ರಷ್ಟು ಪ್ರಗತಿ ಸಾಧಿಸಿದೆ. ಅರ್ಹರು ಯೋಜನೆಯಿಂದ ಹೊರಗುಳಿಯದಂತೆ ನೋಡಿಕೊಳ್ಳಬೇಕು. ಮುಂದಿನ ದಿನಗಳಲ್ಲಿ ಅರ್ಜಿ ಸಲ್ಲಿಸಲು ಬಾಕಿ ಇರುವವರನ್ನು ಗುರುತಿಸಿ ನೋಂದಣಿ ಮಾಡಿಸಲು ಸದಸ್ಯರು ಶ್ರಮಿಸಬೇಕು ಎಂದರು. ಶಕ್ತಿ ಯೋಜನೆಯಡಿ ಮಹಿಳೆಯರ ಉಚಿತ ಪ್ರಯಾಣ, ಗೃಹಲಕ್ಷ್ಮಿ ಯೋಜನೆಯಡಿ ಮಾಸಿಕ ನೆರವು, ಗೃಹಜ್ಯೋತಿ ಯೋಜನೆಯಡಿ ಉಚಿತ ವಿದ್ಯುತ್, ಅನ್ನಭಾಗ್ಯ ಯೋಜನೆಯಡಿ ಅಕ್ಕಿ ವಿತರಣೆ ಹಾಗೂ ಯುವನಿಧಿ ಯೋಜನೆಯಡಿ ನಿರುದ್ಯೋಗ ಭತ್ಯೆ ನೀಡಲಾಗುತ್ತಿದೆ. ಪ್ರತಿ ಫಲಾನುಭವಿಗೆ ಸವಲತ್ತು ತಲುಪಿಸುವುದು ನಮ್ಮ ಜವಾಬ್ದಾರಿ. ಶಿವಮೊಗ್ಗ ಜಿಲ್ಲಾ ಗ್ಯಾರಂಟಿ ಯೋಜನೆಗಳ ಅನುಷ್ಠಾನ ಪ್ರಾಧಿಕಾರದ ಅಧ್ಯಕ್ಷ ಚಂದ್ರಭೂಪಾಲ್, ಪಂಚ ಗ್ಯಾರಂಟಿ ಯೋಜನೆ ಜಿಲ್ಲೆಯಲ್ಲಿ ಅತ್ಯುತ್ತಮ ಸಾಧನೆ ಮಾಡಿದೆ ಎಂದರು. ಜಿಲ್ಲಾ ಪಂಚಾಯತ್ ಮುಖ್ಯ ಕಾರ್ಯನಿರ್ವಾಹಕ ಅಧಿಕಾರಿ ಹೇಮಂತ್ ಎನ್. ಹಾಗೂ ವಿವಿಧ ಇಲಾಖೆಗಳ ಅಧಿಕಾರಿಗಳು, ಸಮಿತಿ ಸದಸ್ಯರು ಉಪಸ್ಥಿತರಿದ್ದರು. ಈ ಸಂದರ್ಭದಲ್ಲಿ ಭದ್ರಾ ಕಾಡಾ ಆಡಳಿತಾಧಿಕಾರಿ ಆರ್.ಸತೀಶ್, ಭೂ ಅಭಿವೃದ್ಧಿ ನಿಗಮದ ಅಧಿಕಾರಿಗಳು ಹಾಜರಿದ್ದರು.
ನಾಯಿ ಕಡಿತಕ್ಕೆ ನಿರ್ಲಕ್ಷ್ಯ ಬೇಡ: ಎಚ್ಚರಿಕೆ ಇರಲಿ–ತಕ್ಷಣ ಲಸಿಕೆ ಪಡೆದುಕೊಳ್ಳಿ: ಜಿಲ್ಲಾಧಿಕಾರಿ ಡಾ.ಆನಂದ
ವಿಜಯಪುರ: ನಾಯಿ ಕಡಿತಕ್ಕೊಳಗಾದವರು ನಿರ್ಲಕ್ಷ್ಯ ವಹಿಸದೆ ತಕ್ಷಣ ಲಸಿಕೆ ಪಡೆಯಬೇಕು. ರೇಬಿಸ್ ರೋಗ ತಡೆಗಟ್ಟಲು ಪ್ರತಿಯೊಬ್ಬರೂ ಎಚ್ಚರಿಕೆ ವಹಿಸಬೇಕು ಎಂದು ಜಿಲ್ಲಾಧಿಕಾರಿ ಡಾ.ಆನಂದ ಕೆ. ಅವರು ಹೇಳಿದರು. ಜಿಲ್ಲಾಡಳಿತ, ಜಿಲ್ಲಾ ಪಂಚಾಯತ, ಪಶುಪಾಲನೆ ಮತ್ತು ಪಶುವೈದ್ಯಕೀಯ ಸೇವಾ ಇಲಾಖೆ, ಕರ್ನಾಟಕ ಪಶುವೈದ್ಯಕೀಯ ಸಂಘ ಹಾಗೂ ಜಿಲ್ಲಾ ಆರೋಗ್ಯ ಇಲಾಖೆಯ ಸಹಯೋಗದಲ್ಲಿ ನಗರದಲ್ಲಿ ಮಂಗಳವಾರ ಹಮ್ಮಿಕೊಂಡಿದ್ದ ಜಾಗೃತಿ ಕಾರ್ಯಕ್ರಮ ಉದ್ಘಾಟಿಸಿ ಅವರು ಮಾತನಾಡಿದರು. ಜಿಲ್ಲೆಯಲ್ಲಿ ಬೀದಿ ನಾಯಿಗಳ ಹಾವಳಿ ಹೆಚ್ಚಾಗಿದ್ದು, ಮಕ್ಕಳು, ವೃದ್ಧರು ನಾಯಿ ಕಡಿತಕ್ಕೊಳಗಾಗುತ್ತಿದ್ದಾರೆ. ನಾಯಿ ಕಡಿತವಾದರೆ ತಕ್ಷಣ ಗಾಯವನ್ನು ಸೋಪಿನಿಂದ ತೊಳೆದು ಸಮೀಪದ ಆಸ್ಪತ್ರೆಗೆ ತೆರಳಿ ಲಸಿಕೆ ಪಡೆಯಬೇಕು ಎಂದರು.
ಸ್ಥಳೀಯ ಸಂಸ್ಥೆಗಳು, ಗ್ರಾಮ ಪಂಚಾಯತಿ, ಆರೋಗ್ಯ ಸಂಸ್ಥೆಗಳ ಸೇರಿದಂತೆ ಎಲ್ಲಾ ಇಲಾಖೆಗಳ ಜೊತೆಗೂಡಿ ನಿಯಂತ್ರಣ ಕ್ರಮ ಕೈಗೊಳ್ಳಲಾಗುವುದು. ಬೀದಿ ನಾಯಿಗಳಿಗೆ ಸಂತಾನ ಶಕ್ತಿ ಹರಣ ಚಿಕಿತ್ಸೆ ಹಾಗೂ ರೇಬಿಸ್ ನಿರೋಧಕ ಲಸಿಕೆ ನೀಡಲಾಗುತ್ತಿದೆ. ಸಾರ್ವಜನಿಕರು ಸಹಕರಿಸಬೇಕು ಎಂದು ಅವರು ಮನವಿ ಮಾಡಿದರು.
ಹಮ್ಮಿಕೊಂಡು ಲಸಿಕೆ ನೀಡುವ ಕಾರ್ಯವನ್ನು ಜಿಲ್ಲೆಯಾದ್ಯಂತ ಕೈಗೊಳ್ಳಲಾಗಿದೆ. ರೇಬಿಸ್ ಮಾರಣಾಂತಿಕ ಕಾಯಿಲೆಯಾಗಿದ್ದು, ಒಮ್ಮೆ ರೋಗ ಲಕ್ಷಣ ಕಾಣಿಸಿಕೊಂಡರೆ ಗುಣಪಡಿಸುವುದು ಅಸಾಧ್ಯ. ಆದ್ದರಿಂದ ಮುನ್ನೆಚ್ಚರಿಕೆ ಅಗತ್ಯ ಎಂದರು.
ಜಾಗೃತಿ ಕಾರ್ಯಕ್ರಮ ಆಯೋಜನೆ ಮಾಡಿ ಜಾಗೃತಿ ಮೂಡಿಸಬೇಕು ಎಂದು ಅವರು ಹೇಳಿದರು. ಜಿಲ್ಲಾ ಪಂಚಾಯತಿ ಮುಖ್ಯ ಕಾರ್ಯನಿರ್ವಾಹಕ ಅಧಿಕಾರಿ, ಜಿಲ್ಲಾ ಆರೋಗ್ಯಾಧಿಕಾರಿ, ಪಶುಪಾಲನಾ ಇಲಾಖೆಯ ಉಪನಿರ್ದೇಶಕರು ಹಾಗೂ ಇತರ ಅಧಿಕಾರಿಗಳು ಉಪಸ್ಥಿತರಿದ್ದರು. ವಿಶ್ವ ರೇಬಿಸ್ ದಿನದ ಅಂಗವಾಗಿ ಈ ಕಾರ್ಯಕ್ರಮ ಆಯೋಜಿಸಲಾಗಿತ್ತು. ನಗರದ ವಿವಿಧೆಡೆ ಜಾಗೃತಿ ಜಾಥಾ ನಡೆಸಲಾಯಿತು. 2030ರ ವೇಳೆಗೆ ರೇಬಿಸ್ ಮುಕ್ತ ಜಿಲ್ಲೆ ನಿರ್ಮಾಣ ಮಾಡುವ ಗುರಿ ಹೊಂದಲಾಗಿದೆ. ಸಾಕು ಪ್ರಾಣಿಗಳ ಮಾಲೀಕರು ತಮ್ಮ ನಾಯಿಗಳಿಗೆ ಕಡ್ಡಾಯವಾಗಿ ಲಸಿಕೆ ಹಾಕಿಸಬೇಕು ಎಂದು ಅವರು ತಿಳಿಸಿದರು.
ಕರ್ನಾಟಕ ಸರ್ಕಾರ
ಪಂಚಾಯತ್ ರಾಜ್ ಇಂಜಿನಿಯರಿಂಗ್ ವಿಭಾಗ, ಶಿರಸಿ, ಉತ್ತರ ಕನ್ನಡ
ದೂರವಾಣಿ: 08384-226381 ಇ-ಮೇಲ್: ee_zpedsirsi@yahoo.co.in
ಕ್ರಮಸಂಖ್ಯೆ: ಪಂ.ರಾ.ಇಂ.ವಿ/ಶಿ/ವಿ.ಸ-3/ಟೆಂಡರ್/20-2026/RDPR FLOOD/2025-26/1845
ದಿನಾಂಕ: 09-10-2025
ಟೆಂಡರ್ ಪ್ರಕಟಣೆ 20/2025–26 (ಇ-ಪ್ರೊಕ್ಯೂರ್‌ಮೆಂಟ್ ಮೂಲಕ)
ಕಾರ್ಯನಿರ್ವಾಹಕ ಇಂಜಿನಿಯರ್, ಪಂಚಾಯತ್ ರಾಜ್ ಇಂಜಿನಿಯರಿಂಗ್ ವಿಭಾಗ, ಶಿರಸಿ ಇವರು 2019–20 ನೇ ಸಾಲಿನ ನೆರೆ ಹಾವಳಿಯಿಂದ ಹಾನಿಗೊಳಗಾದ ರಸ್ತೆ ಮತ್ತು ಸೇತುವೆ ಕಾಮಗಾರಿಗಳ ದುರಸ್ತಿ ಕಾರ್ಯಕ್ಕೆ RDPR FLOOD ಯೋಜನೆಯಡಿ Standard Tender Document ಮೂಲಕ ಅರ್ಹ ಗುತ್ತಿಗೆದಾರರಿಂದ ಆನ್‌ಲೈನ್ ಮೂಲಕ ಟೆಂಡರ್ ಆಹ್ವಾನಿಸಲಾಗಿದೆ. ಹೆಚ್ಚಿನ ವಿವರಗಳಿಗೆ ಇ-ಪ್ರೊಕ್ಯೂರ್‌ಮೆಂಟ್ ವೆಬ್‌ಸೈಟ್ http://www.kppp.karnataka.gov.in ನೋಡಬಹುದು.
SC Category (1) RDPR/2025-26/BD/WORK_INDENT19074
ST Category (2) RDPR/2025-26/BD/WORK_INDENT19072
CAT I(A) Category (3) RDPR/2025-26/BD/WORK_INDENT19227
Others Category (4) RDPR/2025-26/BD/WORK_INDENT19047
(5) RDPR/2025-26/BD/WORK_INDENT19369 (6) RDPR/2025-26/BD/WORK_INDENT15822/CALL-3
ಟೆಂಡರ್ ದಾಖಲೆ ಡೌನ್‌ಲೋಡ್ ಮತ್ತು ಬಿಡ್ ಸಲ್ಲಿಸಲು ಕೊನೆಯ ದಿನಾಂಕ: 23–10–2025 ರ ಸಂಜೆ 16.00 ಗಂಟೆಯವರೆಗೆ. ತಾಂತ್ರಿಕ ಬಿಡ್ ತೆರೆಯುವ ದಿನಾಂಕ: 24–10–2025 ಸಂಜೆ 16.30 ಗಂಟೆಗೆ. www.kppp.karnataka.gov.in ವೆಬ್‌ಸೈಟ್‌ನಲ್ಲಿ ಅಥವಾ ಈ ಕಚೇರಿಯಲ್ಲಿ ಪಡೆಯಬಹುದು.
ಸಹಿ/– ಕಾರ್ಯನಿರ್ವಾಹಕ ಇಂಜಿನಿಯರ್, ಪಂಚಾಯತ್ ರಾಜ್ ಇಂಜಿನಿಯರಿಂಗ್ ವಿಭಾಗ, ಶಿರಸಿ
DIPR/ADK/SMCA/603/25-26 dt.13.10.2025
